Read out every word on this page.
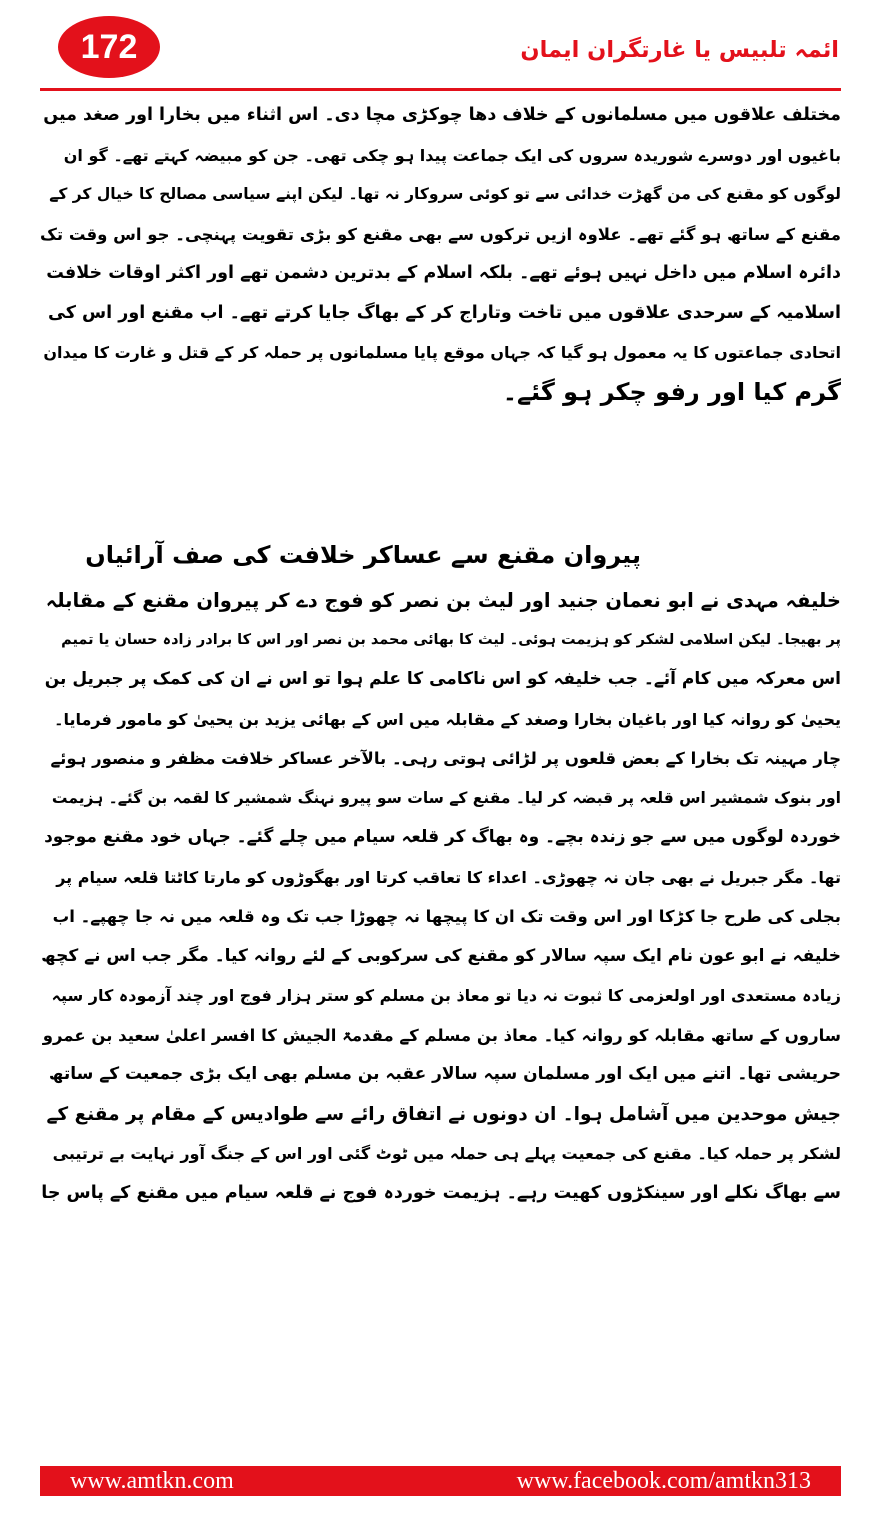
172	ائمہ تلبیس یا غارتگران ایمان
مختلف علاقوں میں مسلمانوں کے خلاف دھا چوکڑی مچا دی۔ اس اثناء میں بخارا اور صغد میں
باغیوں اور دوسرے شوریدہ سروں کی ایک جماعت پیدا ہو چکی تھی۔ جن کو مبیضہ کہتے تھے۔ گو ان
لوگوں کو مقنع کی من گھڑت خدائی سے تو کوئی سروکار نہ تھا۔ لیکن اپنے سیاسی مصالح کا خیال کر کے
مقنع کے ساتھ ہو گئے تھے۔ علاوہ ازیں ترکوں سے بھی مقنع کو بڑی تقویت پہنچی۔ جو اس وقت تک
دائرہ اسلام میں داخل نہیں ہوئے تھے۔ بلکہ اسلام کے بدترین دشمن تھے اور اکثر اوقات خلافت
اسلامیہ کے سرحدی علاقوں میں تاخت وتاراج کر کے بھاگ جایا کرتے تھے۔ اب مقنع اور اس کی
اتحادی جماعتوں کا یہ معمول ہو گیا کہ جہاں موقع پایا مسلمانوں پر حملہ کر کے قتل و غارت کا میدان
گرم کیا اور رفو چکر ہو گئے۔
پیروان مقنع سے عساکر خلافت کی صف آرائیاں
خلیفہ مہدی نے ابو نعمان جنید اور لیث بن نصر کو فوج دے کر پیروان مقنع کے مقابلہ
پر بھیجا۔ لیکن اسلامی لشکر کو ہزیمت ہوئی۔ لیث کا بھائی محمد بن نصر اور اس کا برادر زادہ حسان یا تمیم
اس معرکہ میں کام آئے۔ جب خلیفہ کو اس ناکامی کا علم ہوا تو اس نے ان کی کمک پر جبریل بن
یحییٰ کو روانہ کیا اور باغیان بخارا وصغد کے مقابلہ میں اس کے بھائی یزید بن یحییٰ کو مامور فرمایا۔
چار مہینہ تک بخارا کے بعض قلعوں پر لڑائی ہوتی رہی۔ بالآخر عساکر خلافت مظفر و منصور ہوئے
اور بنوک شمشیر اس قلعہ پر قبضہ کر لیا۔ مقنع کے سات سو پیرو نہنگ شمشیر کا لقمہ بن گئے۔ ہزیمت
خوردہ لوگوں میں سے جو زندہ بچے۔ وہ بھاگ کر قلعہ سیام میں چلے گئے۔ جہاں خود مقنع موجود
تھا۔ مگر جبریل نے بھی جان نہ چھوڑی۔ اعداء کا تعاقب کرتا اور بھگوڑوں کو مارتا کاٹتا قلعہ سیام پر
بجلی کی طرح جا کڑکا اور اس وقت تک ان کا پیچھا نہ چھوڑا جب تک وہ قلعہ میں نہ جا چھپے۔ اب
خلیفہ نے ابو عون نام ایک سپہ سالار کو مقنع کی سرکوبی کے لئے روانہ کیا۔ مگر جب اس نے کچھ
زیادہ مستعدی اور اولعزمی کا ثبوت نہ دیا تو معاذ بن مسلم کو ستر ہزار فوج اور چند آزمودہ کار سپہ
ساروں کے ساتھ مقابلہ کو روانہ کیا۔ معاذ بن مسلم کے مقدمۃ الجیش کا افسر اعلیٰ سعید بن عمرو
حریشی تھا۔ اتنے میں ایک اور مسلمان سپہ سالار عقبہ بن مسلم بھی ایک بڑی جمعیت کے ساتھ
جیش موحدین میں آشامل ہوا۔ ان دونوں نے اتفاق رائے سے طوادیس کے مقام پر مقنع کے
لشکر پر حملہ کیا۔ مقنع کی جمعیت پہلے ہی حملہ میں ٹوٹ گئی اور اس کے جنگ آور نہایت بے ترتیبی
سے بھاگ نکلے اور سینکڑوں کھیت رہے۔ ہزیمت خوردہ فوج نے قلعہ سیام میں مقنع کے پاس جا
www.amtkn.com	www.facebook.com/amtkn313
